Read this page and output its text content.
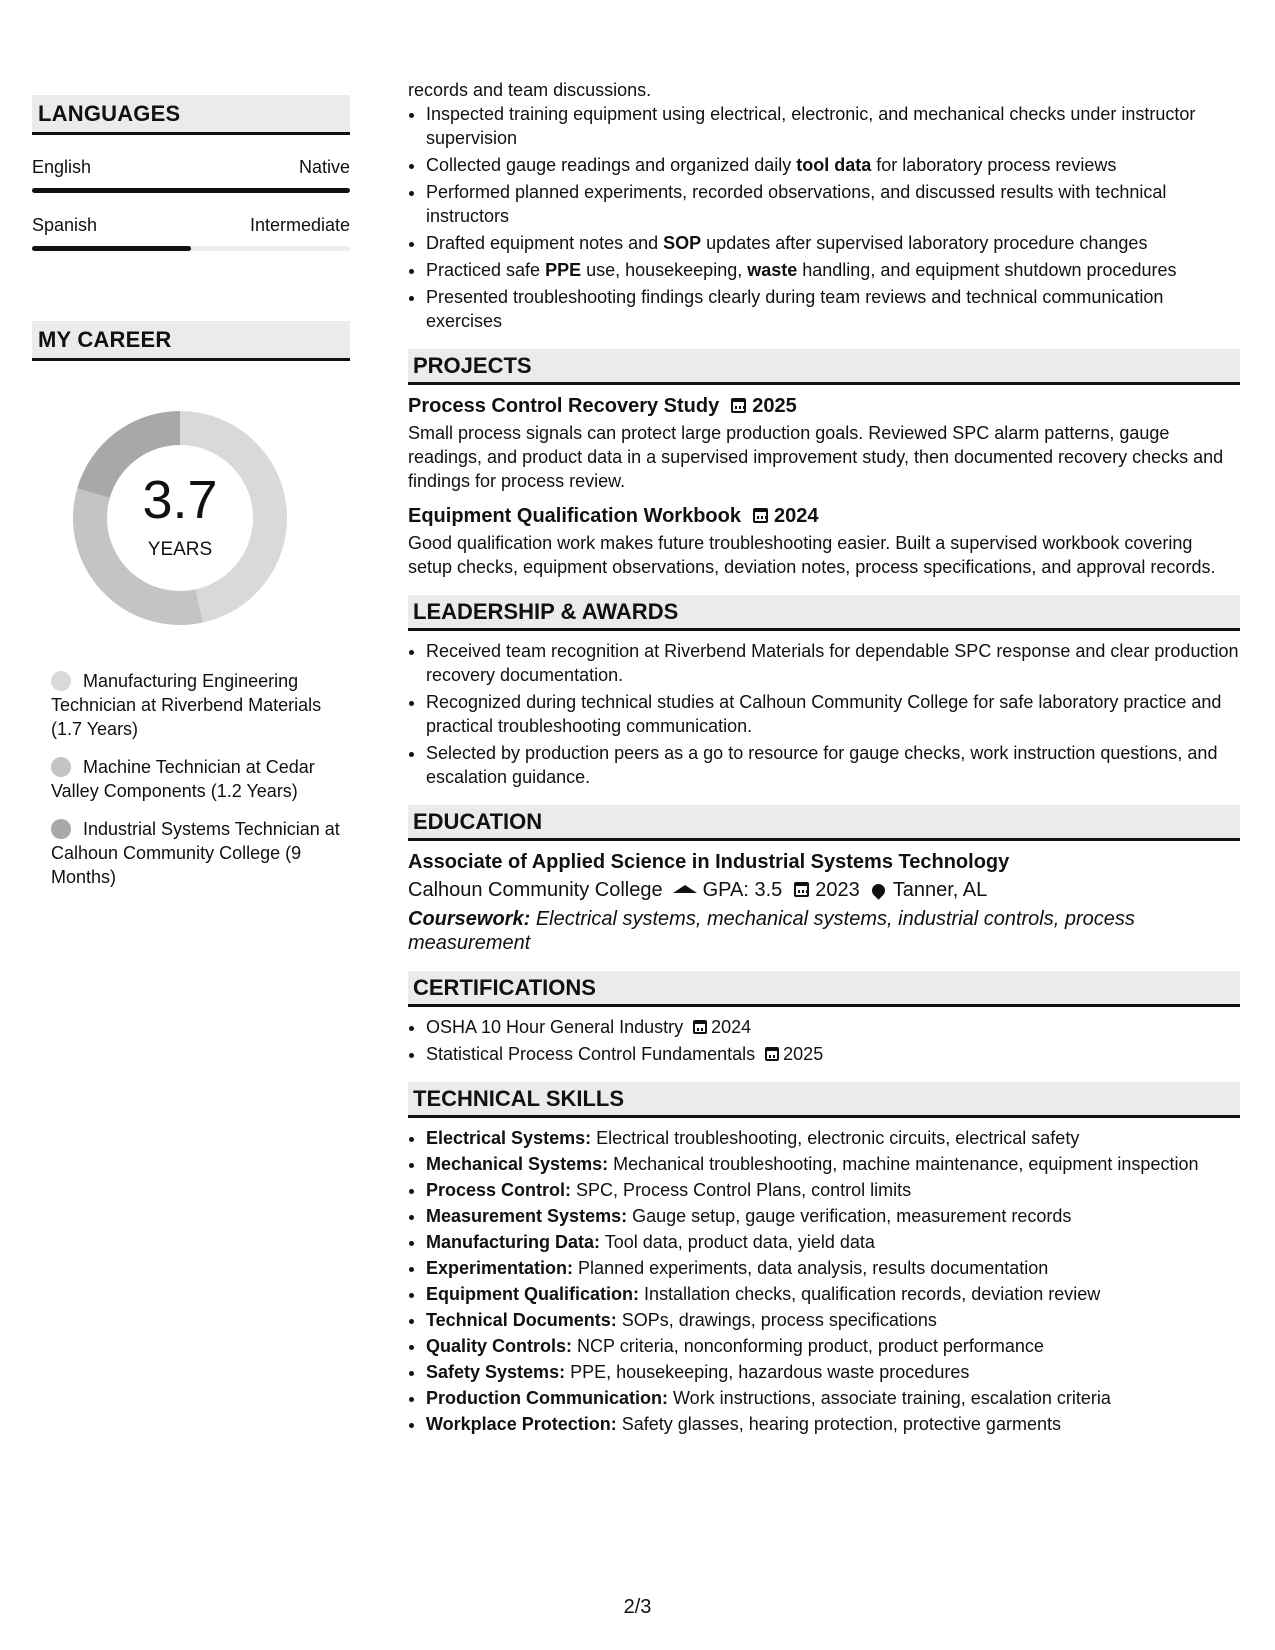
LANGUAGES
English	Native
Spanish	Intermediate
MY CAREER
3.7
YEARS
Manufacturing Engineering Technician at Riverbend Materials (1.7 Years)
Machine Technician at Cedar Valley Components (1.2 Years)
Industrial Systems Technician at Calhoun Community College (9 Months)
records and team discussions.
• Inspected training equipment using electrical, electronic, and mechanical checks under instructor supervision
• Collected gauge readings and organized daily tool data for laboratory process reviews
• Performed planned experiments, recorded observations, and discussed results with technical instructors
• Drafted equipment notes and SOP updates after supervised laboratory procedure changes
• Practiced safe PPE use, housekeeping, waste handling, and equipment shutdown procedures
• Presented troubleshooting findings clearly during team reviews and technical communication exercises
PROJECTS
Process Control Recovery Study 2025
Small process signals can protect large production goals. Reviewed SPC alarm patterns, gauge readings, and product data in a supervised improvement study, then documented recovery checks and findings for process review.
Equipment Qualification Workbook 2024
Good qualification work makes future troubleshooting easier. Built a supervised workbook covering setup checks, equipment observations, deviation notes, process specifications, and approval records.
LEADERSHIP & AWARDS
• Received team recognition at Riverbend Materials for dependable SPC response and clear production recovery documentation.
• Recognized during technical studies at Calhoun Community College for safe laboratory practice and practical troubleshooting communication.
• Selected by production peers as a go to resource for gauge checks, work instruction questions, and escalation guidance.
EDUCATION
Associate of Applied Science in Industrial Systems Technology
Calhoun Community College GPA: 3.5 2023 Tanner, AL
Coursework: Electrical systems, mechanical systems, industrial controls, process measurement
CERTIFICATIONS
• OSHA 10 Hour General Industry 2024
• Statistical Process Control Fundamentals 2025
TECHNICAL SKILLS
• Electrical Systems: Electrical troubleshooting, electronic circuits, electrical safety
• Mechanical Systems: Mechanical troubleshooting, machine maintenance, equipment inspection
• Process Control: SPC, Process Control Plans, control limits
• Measurement Systems: Gauge setup, gauge verification, measurement records
• Manufacturing Data: Tool data, product data, yield data
• Experimentation: Planned experiments, data analysis, results documentation
• Equipment Qualification: Installation checks, qualification records, deviation review
• Technical Documents: SOPs, drawings, process specifications
• Quality Controls: NCP criteria, nonconforming product, product performance
• Safety Systems: PPE, housekeeping, hazardous waste procedures
• Production Communication: Work instructions, associate training, escalation criteria
• Workplace Protection: Safety glasses, hearing protection, protective garments
2/3
